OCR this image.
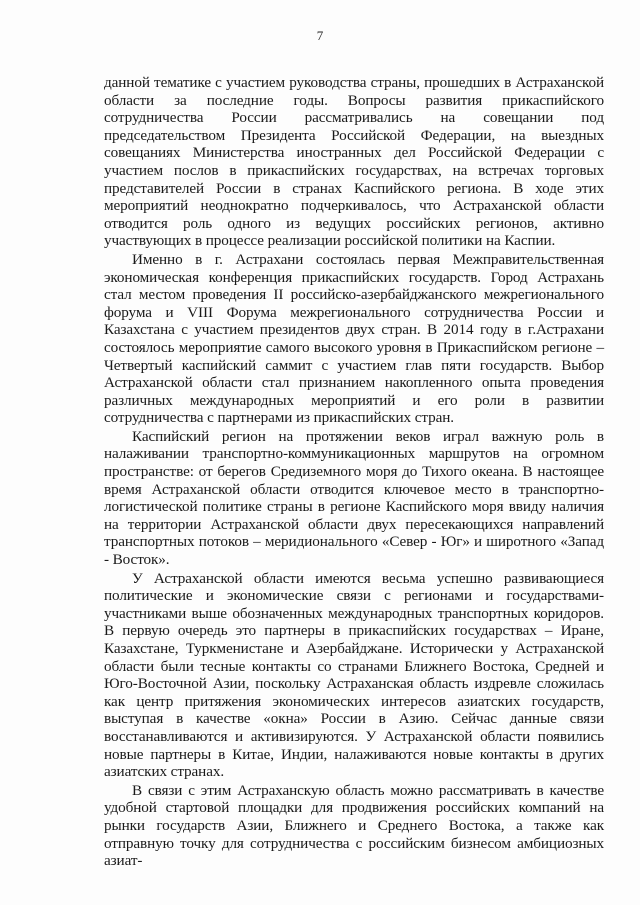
7

данной тематике с участием руководства страны, прошедших в Астраханской области за последние годы. Вопросы развития прикаспийского сотрудничества России рассматривались на совещании под председательством Президента Российской Федерации, на выездных совещаниях Министерства иностранных дел Российской Федерации с участием послов в прикаспийских государствах, на встречах торговых представителей России в странах Каспийского региона. В ходе этих мероприятий неоднократно подчеркивалось, что Астраханской области отводится роль одного из ведущих российских регионов, активно участвующих в процессе реализации российской политики на Каспии.

Именно в г. Астрахани состоялась первая Межправительственная экономическая конференция прикаспийских государств. Город Астрахань стал местом проведения II российско-азербайджанского межрегионального форума и VIII Форума межрегионального сотрудничества России и Казахстана с участием президентов двух стран. В 2014 году в г.Астрахани состоялось мероприятие самого высокого уровня в Прикаспийском регионе – Четвертый каспийский саммит с участием глав пяти государств. Выбор Астраханской области стал признанием накопленного опыта проведения различных международных мероприятий и его роли в развитии сотрудничества с партнерами из прикаспийских стран.

Каспийский регион на протяжении веков играл важную роль в налаживании транспортно-коммуникационных маршрутов на огромном пространстве: от берегов Средиземного моря до Тихого океана. В настоящее время Астраханской области отводится ключевое место в транспортно-логистической политике страны в регионе Каспийского моря ввиду наличия на территории Астраханской области двух пересекающихся направлений транспортных потоков – меридионального «Север - Юг» и широтного «Запад - Восток».

У Астраханской области имеются весьма успешно развивающиеся политические и экономические связи с регионами и государствами-участниками выше обозначенных международных транспортных коридоров. В первую очередь это партнеры в прикаспийских государствах – Иране, Казахстане, Туркменистане и Азербайджане. Исторически у Астраханской области были тесные контакты со странами Ближнего Востока, Средней и Юго-Восточной Азии, поскольку Астраханская область издревле сложилась как центр притяжения экономических интересов азиатских государств, выступая в качестве «окна» России в Азию. Сейчас данные связи восстанавливаются и активизируются. У Астраханской области появились новые партнеры в Китае, Индии, налаживаются новые контакты в других азиатских странах.

В связи с этим Астраханскую область можно рассматривать в качестве удобной стартовой площадки для продвижения российских компаний на рынки государств Азии, Ближнего и Среднего Востока, а также как отправную точку для сотрудничества с российским бизнесом амбициозных азиат-
